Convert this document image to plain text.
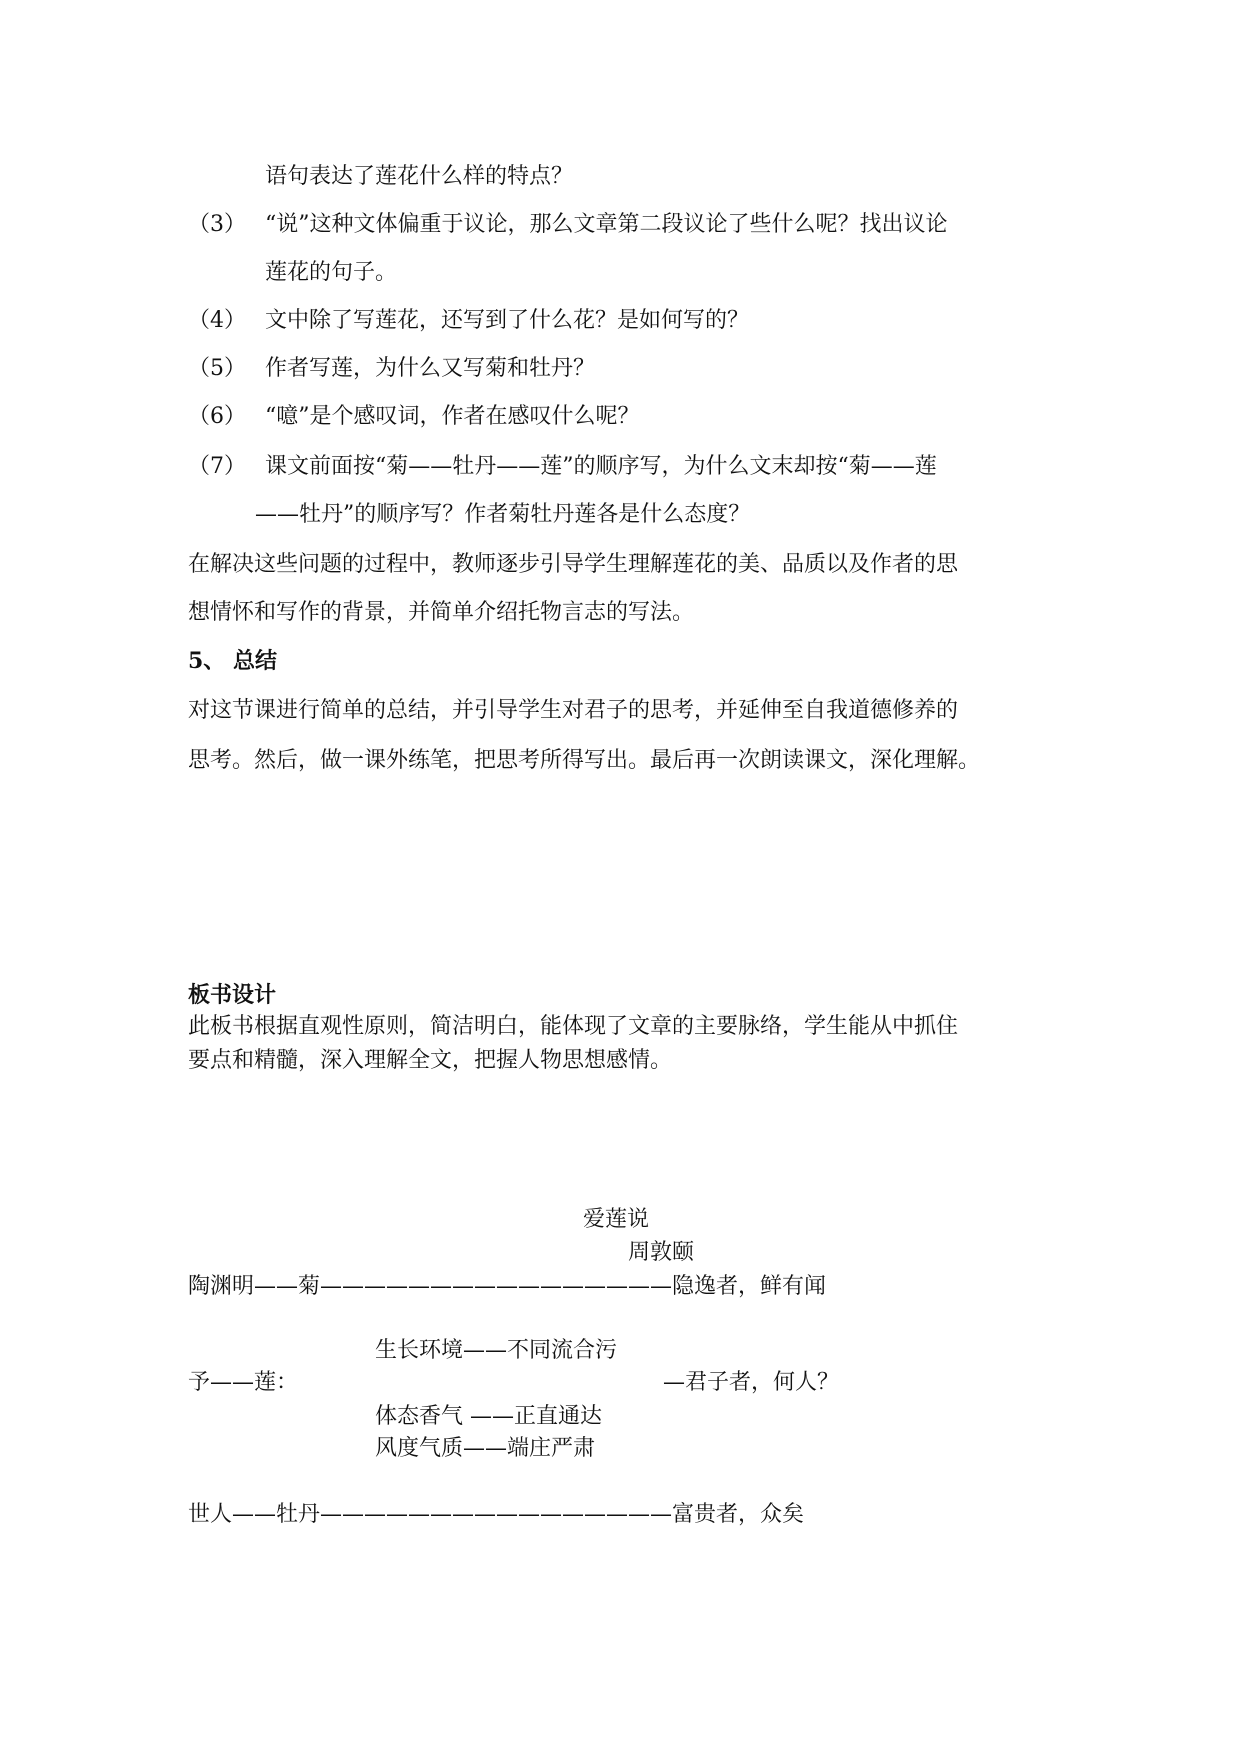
语句表达了莲花什么样的特点？
（3） “说”这种文体偏重于议论，那么文章第二段议论了些什么呢？找出议论
莲花的句子。
（4） 文中除了写莲花，还写到了什么花？是如何写的？
（5） 作者写莲，为什么又写菊和牡丹？
（6） “噫”是个感叹词，作者在感叹什么呢？
（7） 课文前面按“菊——牡丹——莲”的顺序写，为什么文末却按“菊——莲
——牡丹”的顺序写？作者菊牡丹莲各是什么态度？
在解决这些问题的过程中，教师逐步引导学生理解莲花的美、品质以及作者的思
想情怀和写作的背景，并简单介绍托物言志的写法。
5、 总结
对这节课进行简单的总结，并引导学生对君子的思考，并延伸至自我道德修养的
思考。然后，做一课外练笔，把思考所得写出。最后再一次朗读课文，深化理解。
板书设计
此板书根据直观性原则，简洁明白，能体现了文章的主要脉络，学生能从中抓住
要点和精髓，深入理解全文，把握人物思想感情。
爱莲说
周敦颐
陶渊明——菊————————————————隐逸者，鲜有闻
生长环境——不同流合污
予——莲：	—君子者，何人？
体态香气 ——正直通达
风度气质——端庄严肃
世人——牡丹————————————————富贵者，众矣
